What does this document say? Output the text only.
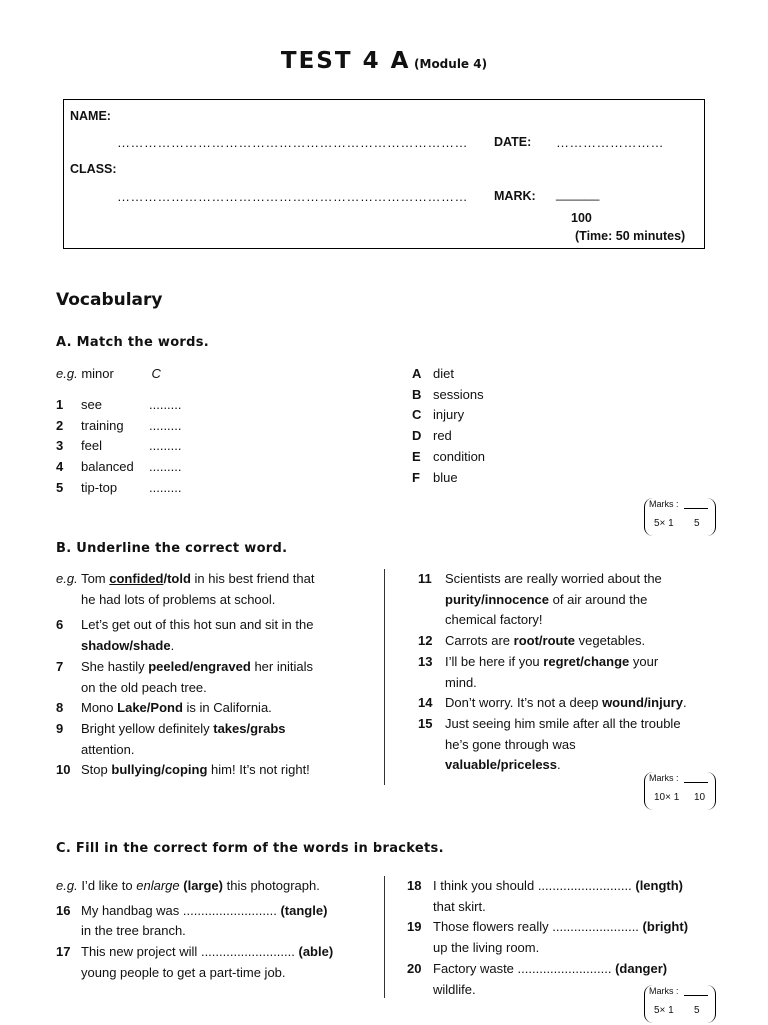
TEST 4 A (Module 4)
NAME:
…………………………………………………………………… DATE: ……………………
CLASS:
…………………………………………………………………… MARK: ______
100
(Time: 50 minutes)
Vocabulary
A. Match the words.
e.g. minor	C
1 see	.........
2 training .........
3 feel	.........
4 balanced .........
5 tip-top .........
A diet
B sessions
C injury
D red
E condition
F blue
Marks :
5× 1 5
B. Underline the correct word.
e.g. Tom confided/told in his best friend that
he had lots of problems at school.
6 Let’s get out of this hot sun and sit in the
shadow/shade.
7 She hastily peeled/engraved her initials
on the old peach tree.
8 Mono Lake/Pond is in California.
9 Bright yellow definitely takes/grabs
attention.
10 Stop bullying/coping him! It’s not right!
11 Scientists are really worried about the
purity/innocence of air around the
chemical factory!
12 Carrots are root/route vegetables.
13 I’ll be here if you regret/change your
mind.
14 Don’t worry. It’s not a deep wound/injury.
15 Just seeing him smile after all the trouble
he’s gone through was
valuable/priceless.
Marks :
10× 1 10
C. Fill in the correct form of the words in brackets.
e.g. I’d like to enlarge (large) this photograph.
16 My handbag was .......................... (tangle)
in the tree branch.
17 This new project will .......................... (able)
young people to get a part-time job.
18 I think you should .......................... (length)
that skirt.
19 Those flowers really ........................ (bright)
up the living room.
20 Factory waste .......................... (danger)
wildlife.	Marks :
5× 1 5
